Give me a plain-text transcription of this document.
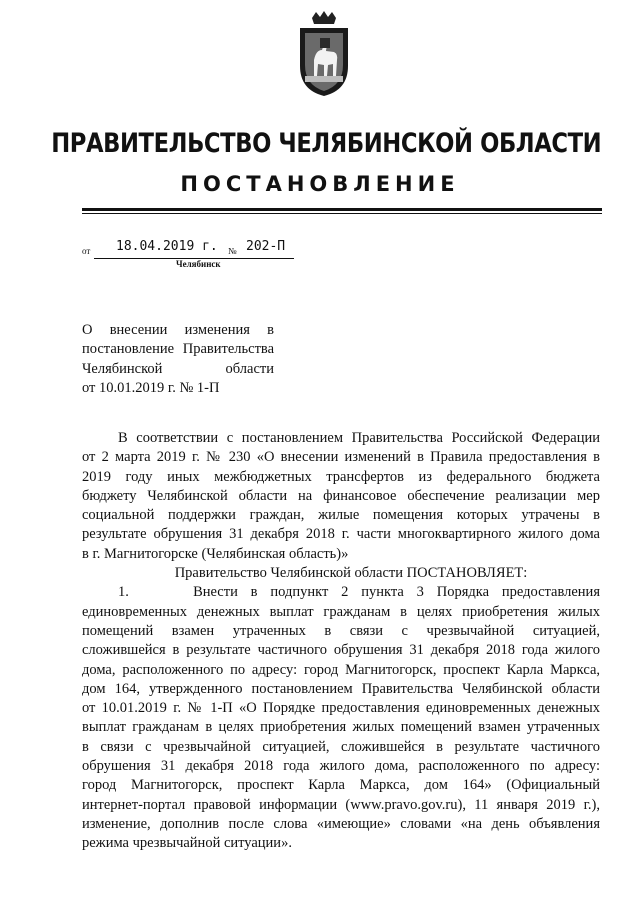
ПРАВИТЕЛЬСТВО ЧЕЛЯБИНСКОЙ ОБЛАСТИ
ПОСТАНОВЛЕНИЕ
от 18.04.2019 г. № 202-П
Челябинск
О внесении изменения в
постановление Правительства
Челябинской области
от 10.01.2019 г. № 1-П
В соответствии с постановлением Правительства Российской Федерации
от 2 марта 2019 г. № 230 «О внесении изменений в Правила предоставления в
2019 году иных межбюджетных трансфертов из федерального бюджета
бюджету Челябинской области на финансовое обеспечение реализации мер
социальной поддержки граждан, жилые помещения которых утрачены в
результате обрушения 31 декабря 2018 г. части многоквартирного жилого дома
в г. Магнитогорске (Челябинская область)»
Правительство Челябинской области ПОСТАНОВЛЯЕТ:
1.     Внести в подпункт 2 пункта 3 Порядка предоставления
единовременных денежных выплат гражданам в целях приобретения жилых
помещений взамен утраченных в связи с чрезвычайной ситуацией,
сложившейся в результате частичного обрушения 31 декабря 2018 года жилого
дома, расположенного по адресу: город Магнитогорск, проспект Карла Маркса,
дом 164, утвержденного постановлением Правительства Челябинской области
от 10.01.2019 г. № 1-П «О Порядке предоставления единовременных денежных
выплат гражданам в целях приобретения жилых помещений взамен утраченных
в связи с чрезвычайной ситуацией, сложившейся в результате частичного
обрушения 31 декабря 2018 года жилого дома, расположенного по адресу:
город Магнитогорск, проспект Карла Маркса, дом 164» (Официальный
интернет-портал правовой информации (www.pravo.gov.ru), 11 января 2019 г.),
изменение, дополнив после слова «имеющие» словами «на день объявления
режима чрезвычайной ситуации».
